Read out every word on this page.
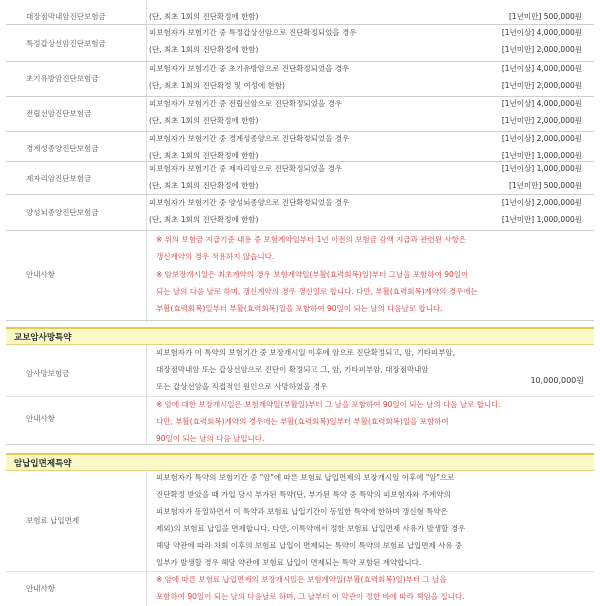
대장점막내암진단보험금	(단, 최초 1회의 진단확정에 한함)	[1년미만] 500,000원
특정갑상선암진단보험금
피보험자가 보험기간 중 특정갑상선암으로 진단확정되었을 경우
(단, 최초 1회의 진단확정에 한함)
[1년이상] 4,000,000원
[1년미만] 2,000,000원
초기유방암진단보험금
피보험자가 보험기간 중 초기유방암으로 진단확정되었을 경우
(단, 최초 1회의 진단확정 및 여성에 한함)
[1년이상] 4,000,000원
[1년미만] 2,000,000원
전립선암진단보험금
피보험자가 보험기간 중 전립선암으로 진단확정되었을 경우
(단, 최초 1회의 진단확정에 한함)
[1년이상] 4,000,000원
[1년미만] 2,000,000원
경계성종양진단보험금
피보험자가 보험기간 중 경계성종양으로 진단확정되었을 경우
(단, 최초 1회의 진단확정에 한함)
[1년이상] 2,000,000원
[1년미만] 1,000,000원
제자리암진단보험금
피보험자가 보험기간 중 제자리암으로 진단확정되었을 경우
(단, 최초 1회의 진단확정에 한함)
[1년이상] 1,000,000원
[1년미만] 500,000원
양성뇌종양진단보험금
피보험자가 보험기간 중 양성뇌종양으로 진단확정되었을 경우
(단, 최초 1회의 진단확정에 한함)
[1년이상] 2,000,000원
[1년미만] 1,000,000원
안내사항
※ 위의 보험금 지급기준 내용 중 보험계약일부터 1년 이전의 보험금 감액 지급과 관련된 사항은
갱신계약의 경우 적용하지 않습니다.
※ 암보장개시일은 최초계약의 경우 보험계약일(부활(효력회복)일)부터 그날을 포함하여 90일이
되는 날의 다음 날로 하며, 갱신계약의 경우 갱신일로 합니다. 다만, 부활(효력회복)계약의 경우에는
부활(효력회복)일부터 부활(효력회복)일을 포함하여 90일이 되는 날의 다음날로 합니다.
교보암사망특약
암사망보험금
피보험자가 이 특약의 보험기간 중 보장개시일 이후에 암으로 진단확정되고, 암, 기타피부암,
대장점막내암 또는 갑상선암으로 진단이 확정되고 그, 암, 기타피부암, 대장점막내암
또는 갑상선암을 직접적인 원인으로 사망하였을 경우
10,000,000원
안내사항
※ 암에 대한 보장개시일은 보험계약일(부활일)부터 그 날을 포함하여 90일이 되는 날의 다음 날로 합니다.
다만, 부활(효력회복)계약의 경우에는 부활(효력회복)일부터 부활(효력회복)일을 포함하여
90일이 되는 날의 다음 날입니다.
암납입면제특약
보험료 납입면제
피보험자가 특약의 보험기간 중 "암"에 따른 보험료 납입면제의 보장개시일 이후에 "암"으로
진단확정 받았을 때 가입 당시 부가된 특약(단, 부가된 특약 중 특약의 피보험자와 주계약의
피보험자가 동일하면서 이 특약과 보험료 납입기간이 동일한 특약에 한하며 갱신형 특약은
제외)의 보험료 납입을 면제합니다. 다만, 이특약에서 정한 보험료 납입면제 사유가 발생할 경우
해당 약관에 따라 차회 이후의 보험료 납입이 면제되는 특약이 특약의 보험료 납입면제 사유 중
일부가 발생할 경우 해당 약관에 보험료 납입이 면제되는 특약 포함된 계약합니다.
안내사항
※ 암에 따른 보험료 납입면제의 보장개시일은 보험계약일(부활(효력회복)일)부터 그 날을
포함하여 90일이 되는 날의 다음날로 하며, 그 날부터 이 약관이 정한 바에 따라 책임을 집니다.
